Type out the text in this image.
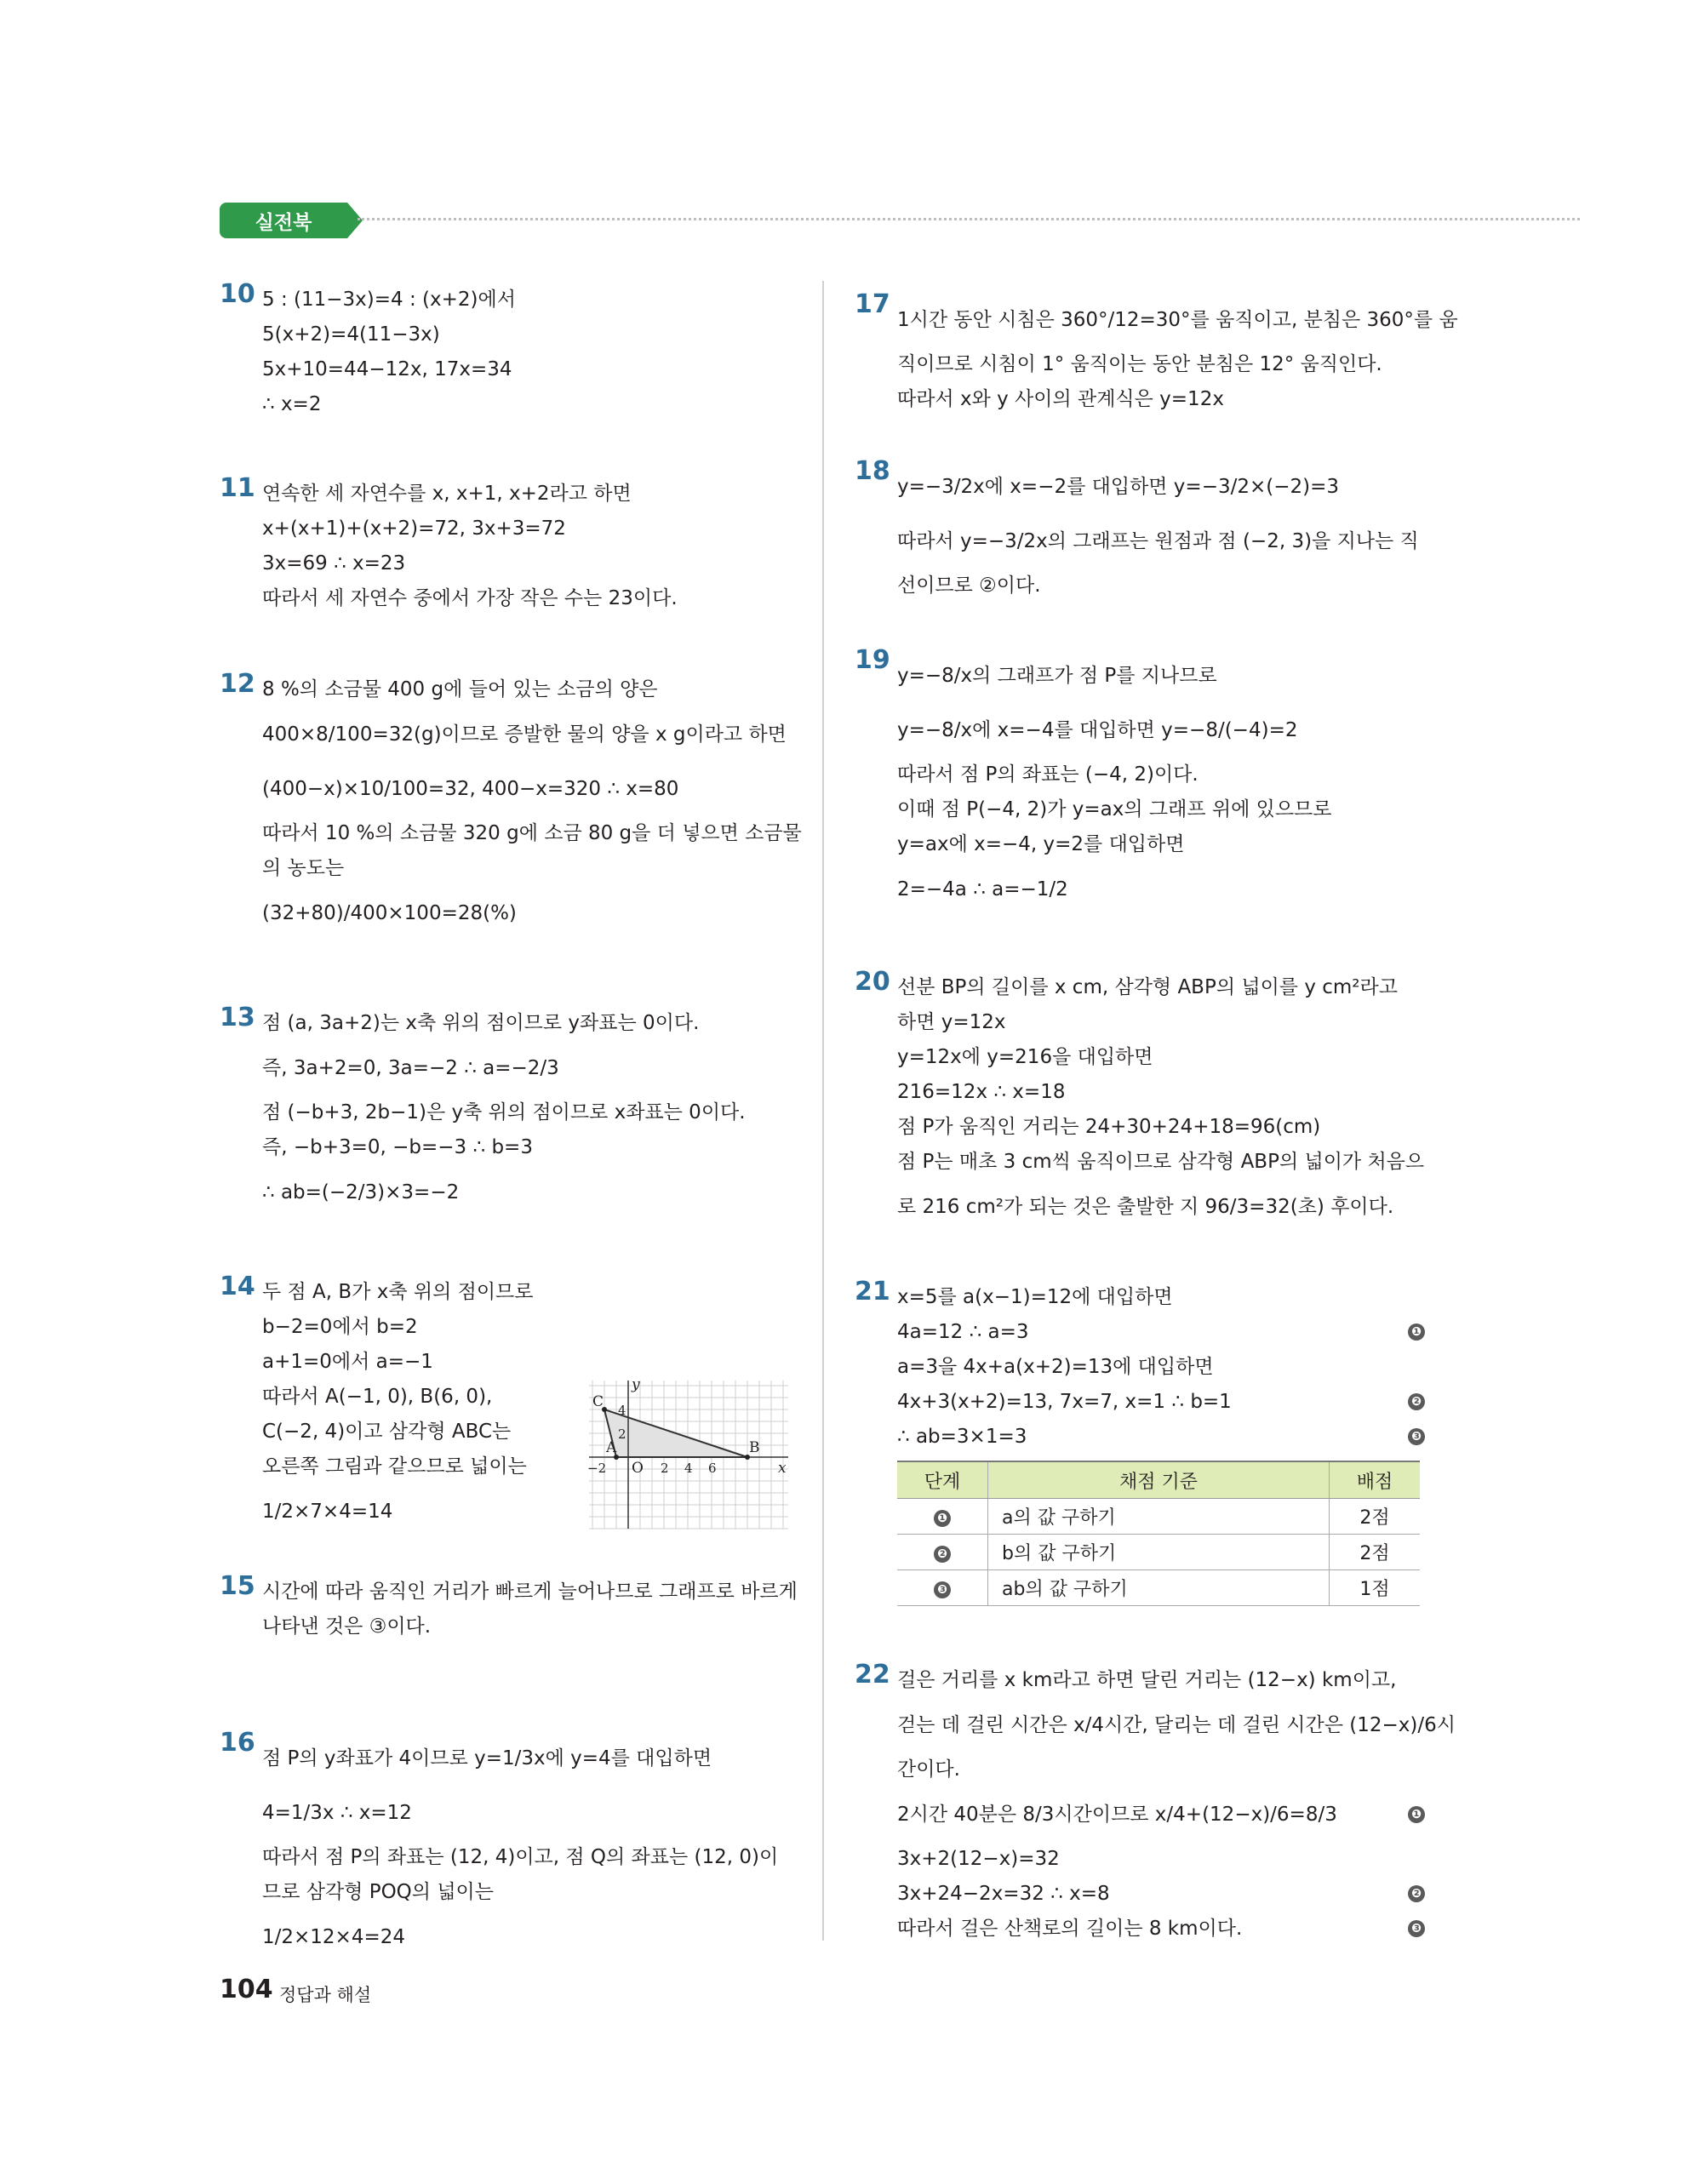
실전북
10 5 : (11−3x)=4 : (x+2)에서
5(x+2)=4(11−3x)
5x+10=44−12x, 17x=34
∴ x=2
11 연속한 세 자연수를 x, x+1, x+2라고 하면
x+(x+1)+(x+2)=72, 3x+3=72
3x=69 ∴ x=23
따라서 세 자연수 중에서 가장 작은 수는 23이다.
12 8 %의 소금물 400 g에 들어 있는 소금의 양은
400×8/100=32(g)이므로 증발한 물의 양을 x g이라고 하면
(400−x)×10/100=32, 400−x=320 ∴ x=80
따라서 10 %의 소금물 320 g에 소금 80 g을 더 넣으면 소금물
의 농도는
(32+80)/400×100=28(%)
13 점 (a, 3a+2)는 x축 위의 점이므로 y좌표는 0이다.
즉, 3a+2=0, 3a=−2 ∴ a=−2/3
점 (−b+3, 2b−1)은 y축 위의 점이므로 x좌표는 0이다.
즉, −b+3=0, −b=−3 ∴ b=3
∴ ab=(−2/3)×3=−2
14 두 점 A, B가 x축 위의 점이므로
b−2=0에서 b=2
a+1=0에서 a=−1
따라서 A(−1, 0), B(6, 0),
C(−2, 4)이고 삼각형 ABC는
오른쪽 그림과 같으므로 넓이는
1/2×7×4=14
C
A	B
O
−2	2 4 6
2
4
x
y
15 시간에 따라 움직인 거리가 빠르게 늘어나므로 그래프로 바르게
나타낸 것은 ③이다.
16
점 P의 y좌표가 4이므로 y=1/3x에 y=4를 대입하면
4=1/3x ∴ x=12
따라서 점 P의 좌표는 (12, 4)이고, 점 Q의 좌표는 (12, 0)이
므로 삼각형 POQ의 넓이는
1/2×12×4=24
17
1시간 동안 시침은 360°/12=30°를 움직이고, 분침은 360°를 움
직이므로 시침이 1° 움직이는 동안 분침은 12° 움직인다.
따라서 x와 y 사이의 관계식은 y=12x
18
y=−3/2x에 x=−2를 대입하면 y=−3/2×(−2)=3
따라서 y=−3/2x의 그래프는 원점과 점 (−2, 3)을 지나는 직
선이므로 ②이다.
19
y=−8/x의 그래프가 점 P를 지나므로
y=−8/x에 x=−4를 대입하면 y=−8/(−4)=2
따라서 점 P의 좌표는 (−4, 2)이다.
이때 점 P(−4, 2)가 y=ax의 그래프 위에 있으므로
y=ax에 x=−4, y=2를 대입하면
2=−4a ∴ a=−1/2
20 선분 BP의 길이를 x cm, 삼각형 ABP의 넓이를 y cm²라고
하면 y=12x
y=12x에 y=216을 대입하면
216=12x ∴ x=18
점 P가 움직인 거리는 24+30+24+18=96(cm)
점 P는 매초 3 cm씩 움직이므로 삼각형 ABP의 넓이가 처음으
로 216 cm²가 되는 것은 출발한 지 96/3=32(초) 후이다.
21 x=5를 a(x−1)=12에 대입하면
4a=12 ∴ a=3	❶
a=3을 4x+a(x+2)=13에 대입하면
4x+3(x+2)=13, 7x=7, x=1 ∴ b=1	❷
∴ ab=3×1=3	❸
단계	채점 기준	배점
❶	a의 값 구하기	2점
❷	b의 값 구하기	2점
❸	ab의 값 구하기	1점
22 걸은 거리를 x km라고 하면 달린 거리는 (12−x) km이고,
걷는 데 걸린 시간은 x/4시간, 달리는 데 걸린 시간은 (12−x)/6시
간이다.
2시간 40분은 8/3시간이므로 x/4+(12−x)/6=8/3	❶
3x+2(12−x)=32
3x+24−2x=32 ∴ x=8	❷
따라서 걸은 산책로의 길이는 8 km이다.	❸
104 정답과 해설
